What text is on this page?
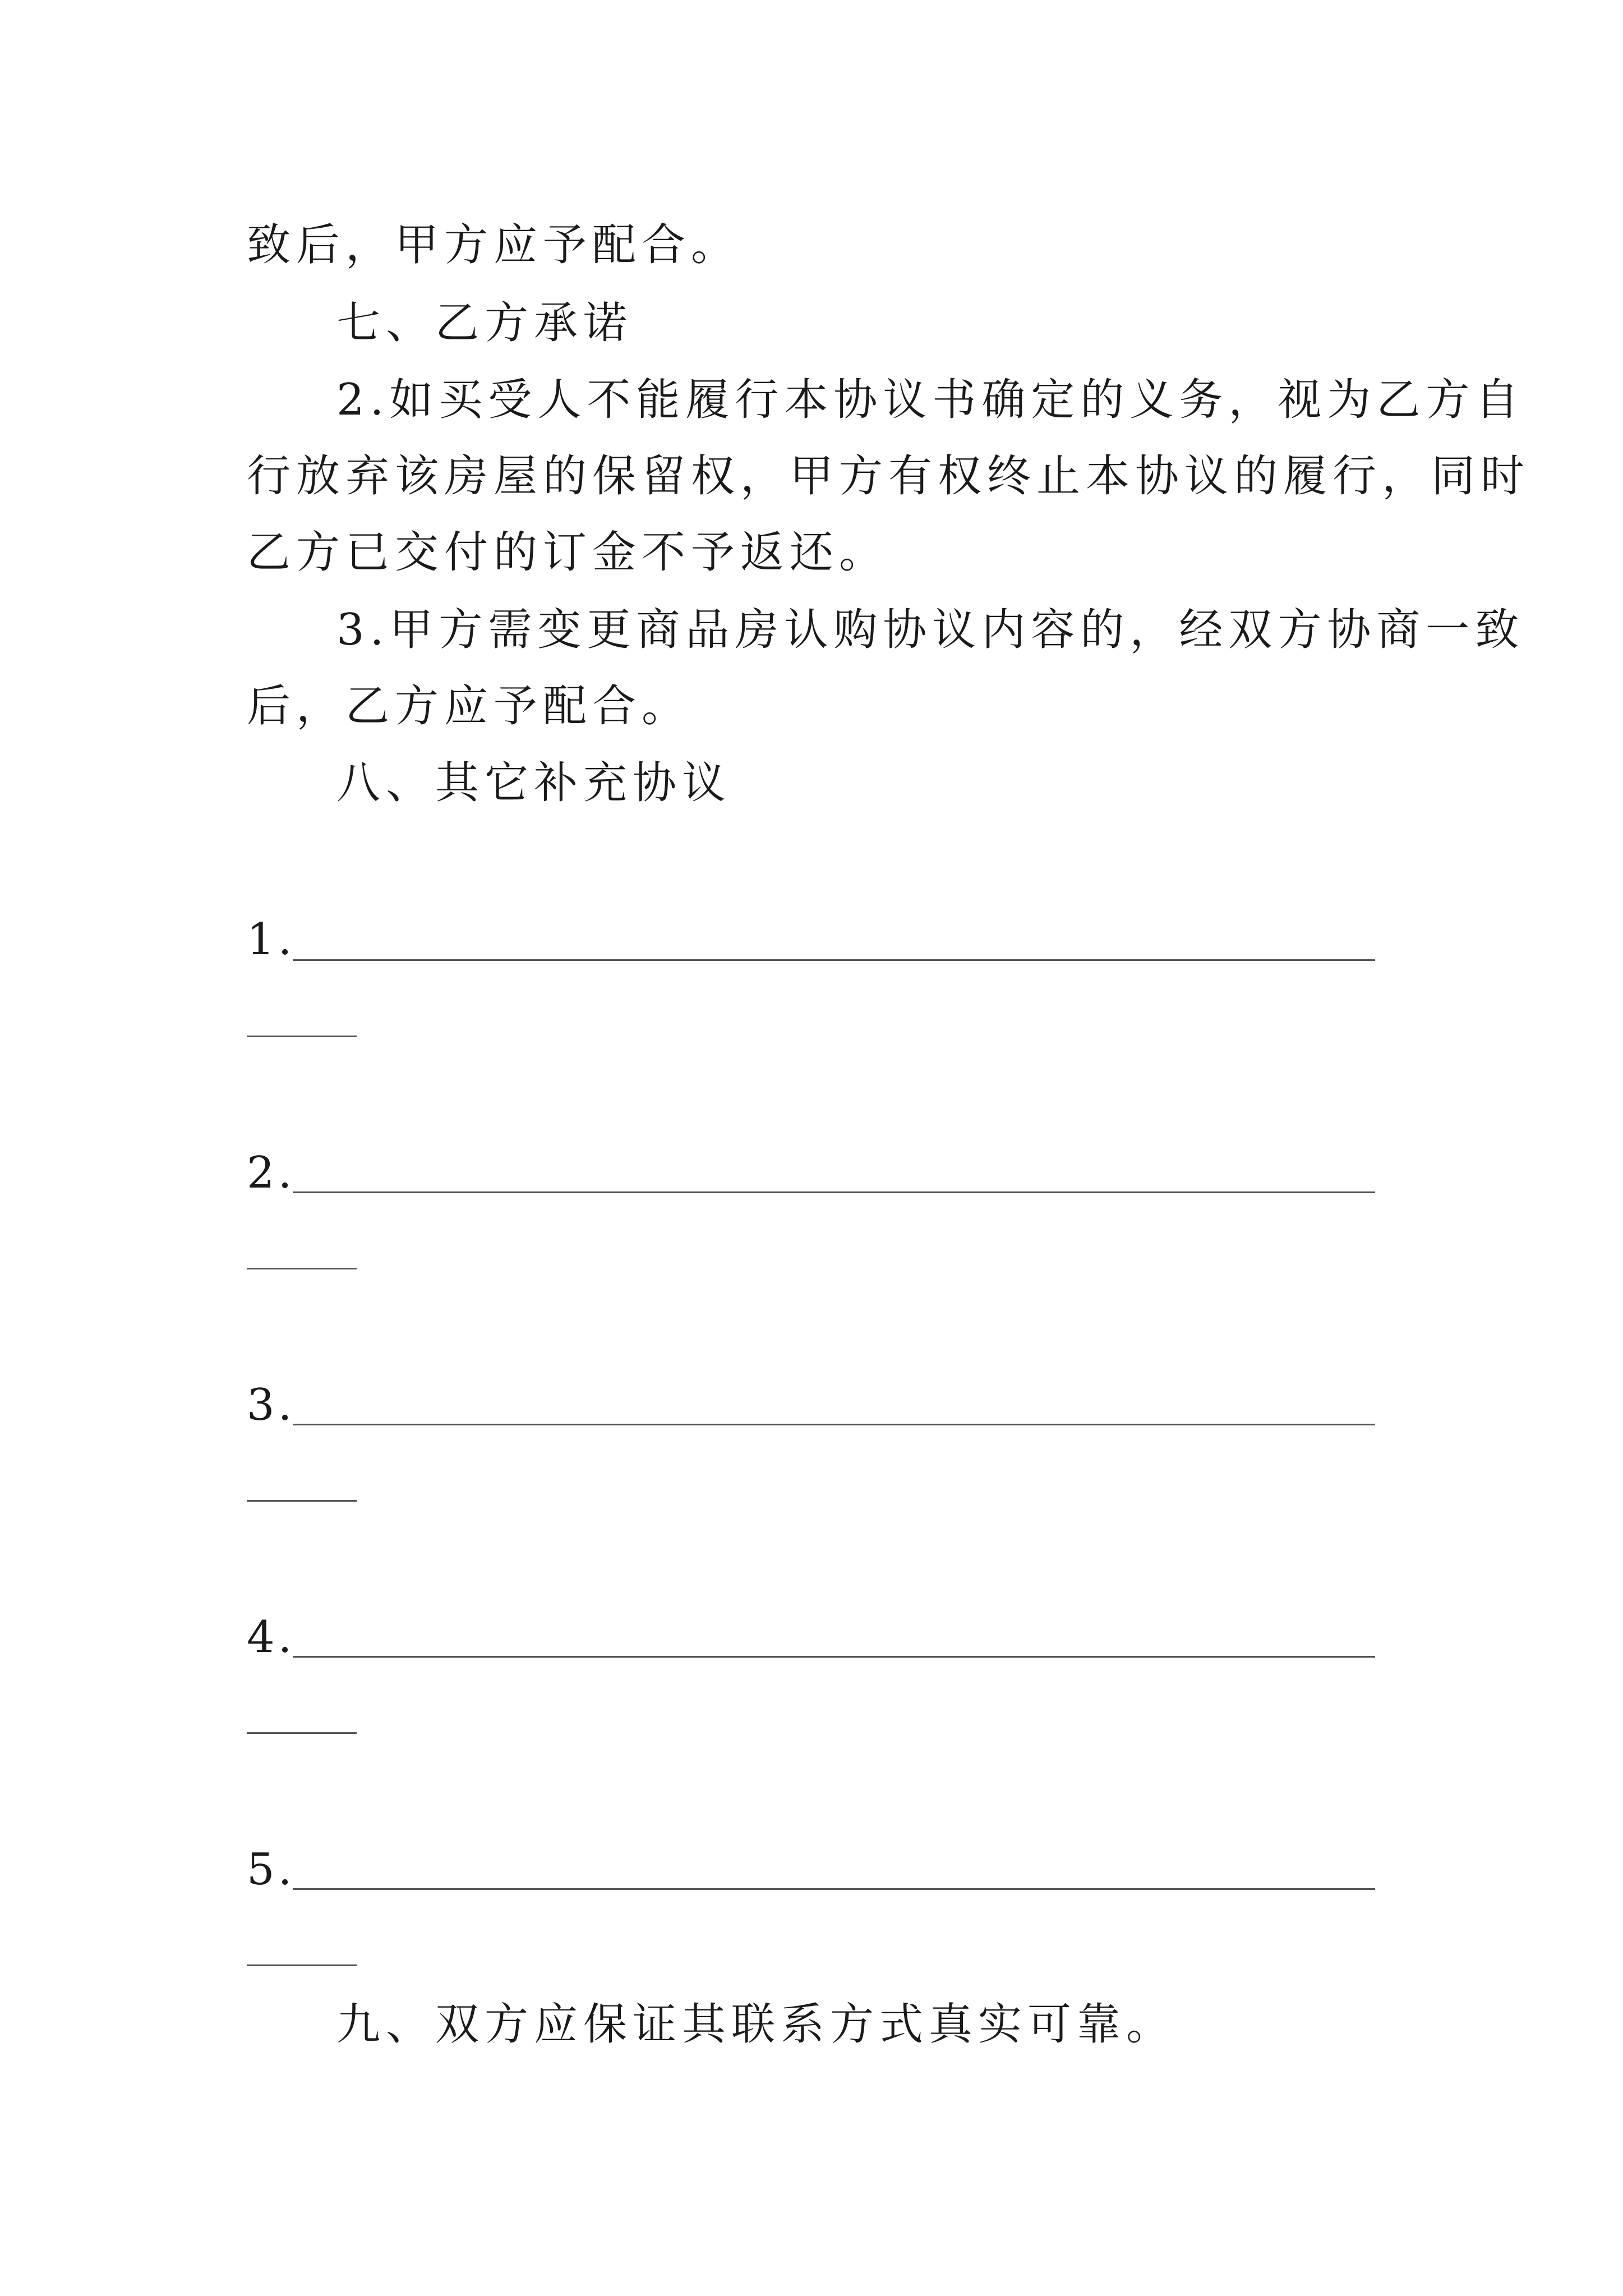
致后，甲方应予配合。
七、乙方承诺
2.如买受人不能履行本协议书确定的义务，视为乙方自
行放弃该房屋的保留权，甲方有权终止本协议的履行，同时
乙方已交付的订金不予返还。
3.甲方需变更商品房认购协议内容的，经双方协商一致
后，乙方应予配合。
八、其它补充协议
1.
2.
3.
4.
5.
九、双方应保证其联系方式真实可靠。
